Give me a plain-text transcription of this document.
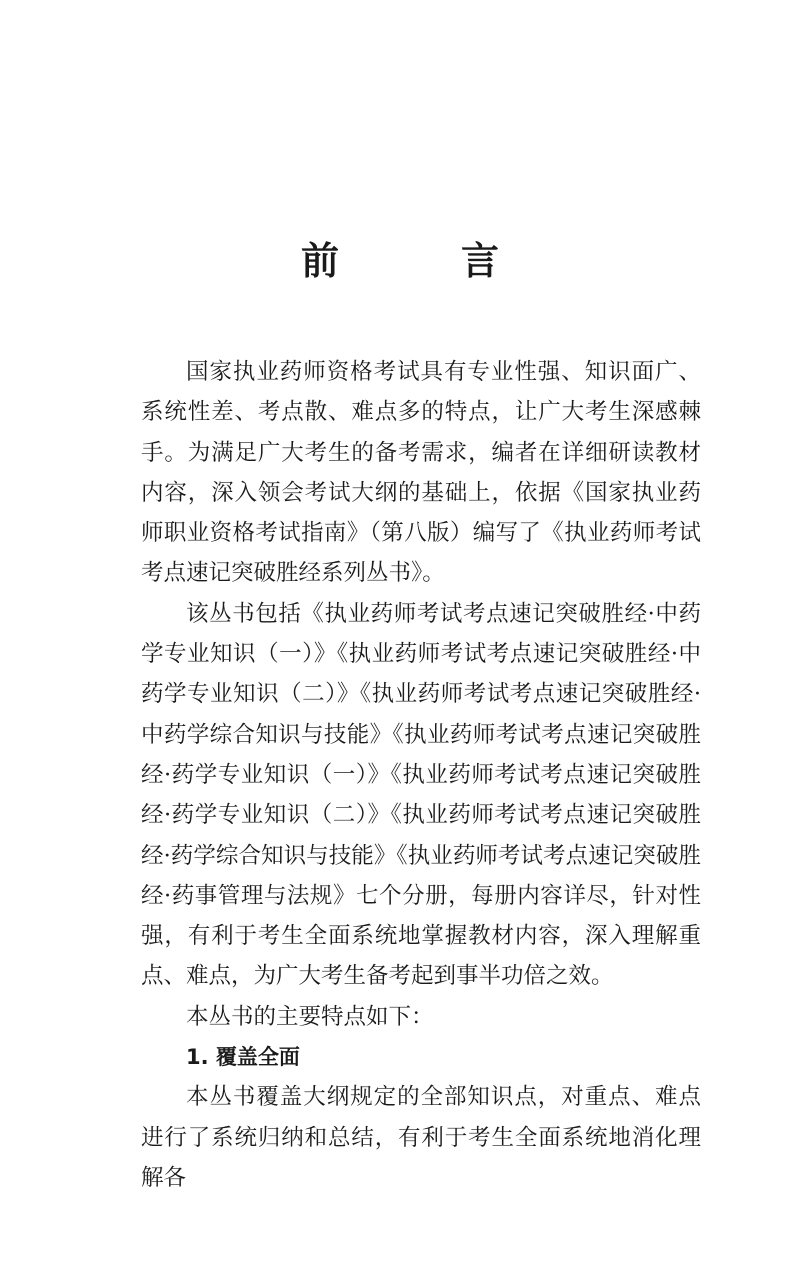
前　言

国家执业药师资格考试具有专业性强、知识面广、系统性差、考点散、难点多的特点，让广大考生深感棘手。为满足广大考生的备考需求，编者在详细研读教材内容，深入领会考试大纲的基础上，依据《国家执业药师职业资格考试指南》（第八版）编写了《执业药师考试考点速记突破胜经系列丛书》。

该丛书包括《执业药师考试考点速记突破胜经·中药学专业知识（一）》《执业药师考试考点速记突破胜经·中药学专业知识（二）》《执业药师考试考点速记突破胜经·中药学综合知识与技能》《执业药师考试考点速记突破胜经·药学专业知识（一）》《执业药师考试考点速记突破胜经·药学专业知识（二）》《执业药师考试考点速记突破胜经·药学综合知识与技能》《执业药师考试考点速记突破胜经·药事管理与法规》七个分册，每册内容详尽，针对性强，有利于考生全面系统地掌握教材内容，深入理解重点、难点，为广大考生备考起到事半功倍之效。

本丛书的主要特点如下：

1. 覆盖全面

本丛书覆盖大纲规定的全部知识点，对重点、难点进行了系统归纳和总结，有利于考生全面系统地消化理解各
